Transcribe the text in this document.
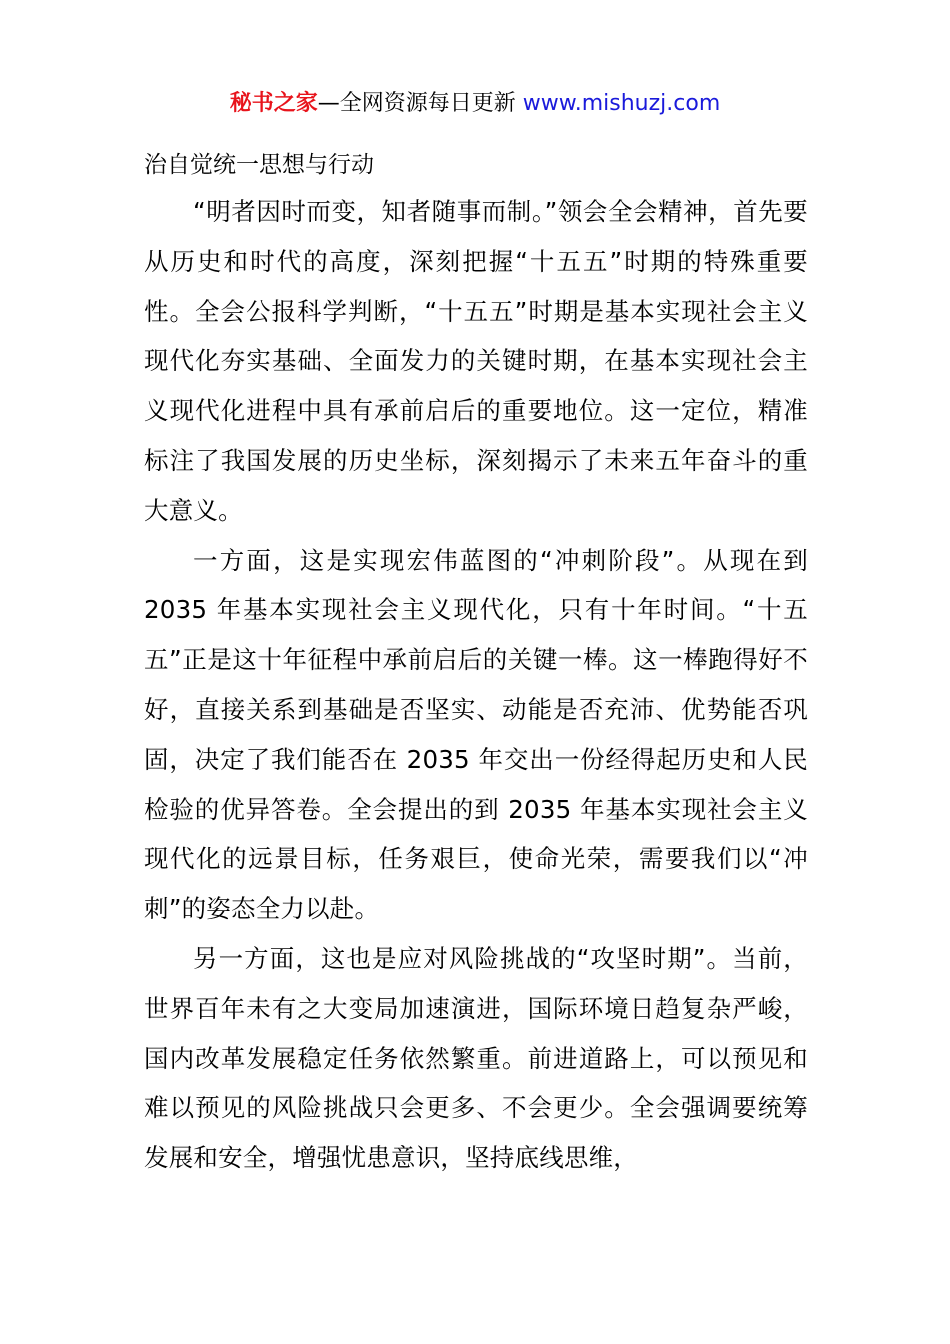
秘书之家—全网资源每日更新 www.mishuzj.com

治自觉统一思想与行动

“明者因时而变，知者随事而制。”领会全会精神，首先要从历史和时代的高度，深刻把握“十五五”时期的特殊重要性。全会公报科学判断，“十五五”时期是基本实现社会主义现代化夯实基础、全面发力的关键时期，在基本实现社会主义现代化进程中具有承前启后的重要地位。这一定位，精准标注了我国发展的历史坐标，深刻揭示了未来五年奋斗的重大意义。

一方面，这是实现宏伟蓝图的“冲刺阶段”。从现在到 2035 年基本实现社会主义现代化，只有十年时间。“十五五”正是这十年征程中承前启后的关键一棒。这一棒跑得好不好，直接关系到基础是否坚实、动能是否充沛、优势能否巩固，决定了我们能否在 2035 年交出一份经得起历史和人民检验的优异答卷。全会提出的到 2035 年基本实现社会主义现代化的远景目标，任务艰巨，使命光荣，需要我们以“冲刺”的姿态全力以赴。

另一方面，这也是应对风险挑战的“攻坚时期”。当前，世界百年未有之大变局加速演进，国际环境日趋复杂严峻，国内改革发展稳定任务依然繁重。前进道路上，可以预见和难以预见的风险挑战只会更多、不会更少。全会强调要统筹发展和安全，增强忧患意识，坚持底线思维，
